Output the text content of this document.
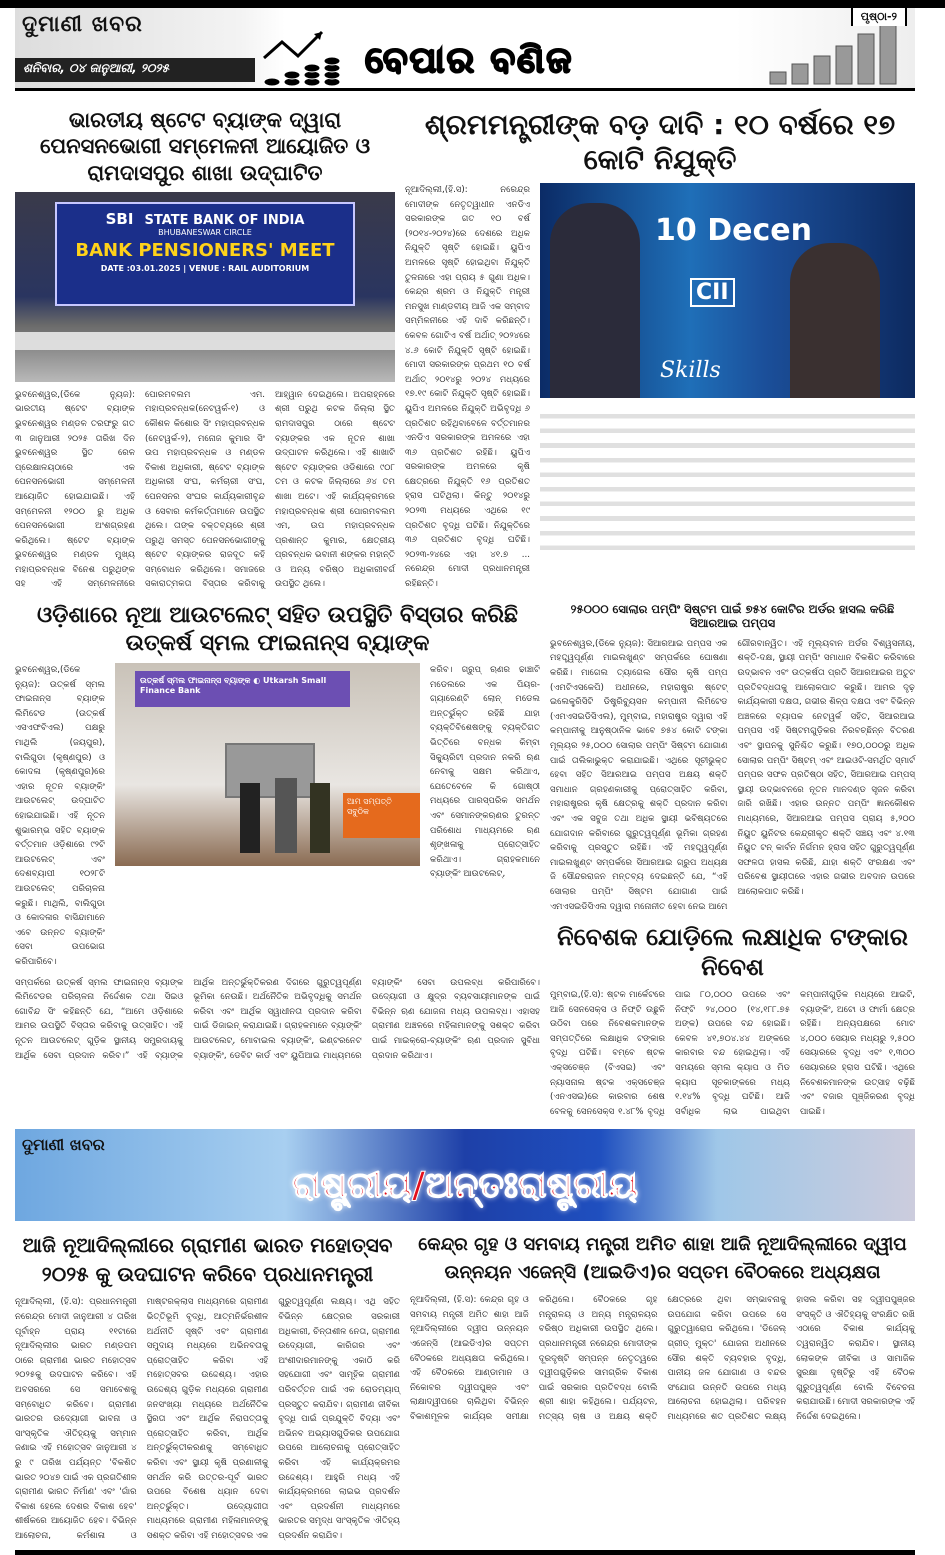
ଦୁମାଣୀ ଖବର
ଶନିବାର, ୦୪ ଜାନୁଆରୀ, ୨୦୨୫	ବେପାର ବଣିଜ
ପୃଷ୍ଠା-୨
ଭାରତୀୟ ଷ୍ଟେଟ ବ୍ୟାଙ୍କ ଦ୍ୱାରା ପେନସନଭୋଗୀ ସମ୍ମେଳନୀ ଆୟୋଜିତ ଓ ରାମଦାସପୁର ଶାଖା ଉଦ୍‌ଘାଟିତ
SBI STATE BANK OF INDIA
BHUBANESWAR CIRCLE
BANK PENSIONERS' MEET
DATE :03.01.2025 | VENUE : RAIL AUDITORIUM
ଭୁବନେଶ୍ୱର,(ଡିକେ ନ୍ୟୁଜ): ଭାରତୀୟ ଷ୍ଟେଟ ବ୍ୟାଙ୍କ ଭୁବନେଶ୍ୱର ମଣ୍ଡଳ ତରଫରୁ ଗତ ୩ ଜାନୁଆରୀ ୨୦୨୫ ତାରିଖ ଦିନ ଭୁବନେଶ୍ୱର ସ୍ଥିତ ରେଳ ପ୍ରେକ୍ଷାଳୟଠାରେ ଏକ ପେନସନଭୋଗୀ ସମ୍ମେଳନୀ ଆୟୋଜିତ ହୋଇଯାଇଛି। ଏହି ସମ୍ମେଳନୀ ୧୨୦୦ ରୁ ଅଧିକ ପେନସନଭୋଗୀ ଅଂଶଗ୍ରହଣ କରିଥିଲେ। ଷ୍ଟେଟ ବ୍ୟାଙ୍କ ଭୁବନେଶ୍ୱର ମଣ୍ଡଳ ମୁଖ୍ୟ ମହାପ୍ରବନ୍ଧକ ବିନେଶ ପରୁଥିଙ୍କ ସହ ଏହି ସମ୍ମେଳନୀରେ ପୋରମବଲମ ଏମ. ମହାପ୍ରବନ୍ଧକ(ନେଟୱର୍କ-୧) ଓ କୌଶଳ କିଶୋର ସିଂ ମହାପ୍ରବନ୍ଧକ (ନେଟୱର୍କ-୨), ମନୋଜ କୁମାର ସିଂ ଉପ ମହାପ୍ରବନ୍ଧକ ଓ ମଣ୍ଡଳ ବିକାଶ ଅଧିକାରୀ, ଷ୍ଟେଟ ବ୍ୟାଙ୍କ ଅଧିକାରୀ ସଂଘ, କର୍ମଚାରୀ ସଂଘ, ପେନସନର ସଂଘର କାର୍ଯ୍ୟକାରୀବୃନ୍ଦ ଓ ସେବାର କର୍ମକର୍ତ୍ତାମାନେ ଉପସ୍ଥିତ ଥିଲେ। ତାଙ୍କ ବକ୍ତବ୍ୟରେ ଶ୍ରୀ ପରୁଥି ସମସ୍ତ ପେନସନଭୋଗୀଙ୍କୁ ଷ୍ଟେଟ ବ୍ୟାଙ୍କର ରାଜଦୂତ କହି ସମ୍ବୋଧନ କରିଥିଲେ। ସମାଜରେ ସକାରାତ୍ମକତା ବିସ୍ତାର କରିବାକୁ ଆହ୍ୱାନ ଦେଇଥିଲେ। ଅପରାହ୍ନରେ ଶ୍ରୀ ପରୁଥି କଟକ ଜିଲ୍ଲା ସ୍ଥିତ ରାମଦାସପୁର ଠାରେ ଷ୍ଟେଟ ବ୍ୟାଙ୍କର ଏକ ନୂତନ ଶାଖା ଉଦ୍‌ଘାଟନ କରିଥିଲେ। ଏହି ଶାଖାଟି ଷ୍ଟେଟ ବ୍ୟାଙ୍କର ଓଡିଶାରେ ୯୦୮ ତମ ଓ କଟକ ଜିଲ୍ଲାରେ ୬୪ ତମ ଶାଖା ଅଟେ। ଏହି କାର୍ଯ୍ୟକ୍ରମରେ ମହାପ୍ରବନ୍ଧକ ଶ୍ରୀ ପୋରମବଲମ ଏମ, ଉପ ମହାପ୍ରବନ୍ଧକ ପ୍ରଶାନ୍ତ କୁମାର, କ୍ଷେତ୍ରୀୟ ପ୍ରବନ୍ଧକ ଭବାନୀ ଶଙ୍କର ମହାନ୍ତି ଓ ଅନ୍ୟ ବରିଷ୍ଠ ଅଧିକାରୀବର୍ଗ ଉପସ୍ଥିତ ଥିଲେ।
ଶ୍ରମମନ୍ତ୍ରୀଙ୍କ ବଡ଼ ଦାବି : ୧୦ ବର୍ଷରେ ୧୭ କୋଟି ନିଯୁକ୍ତି
ନୂଆଦିଲ୍ଲୀ,(ହି.ସ): ନରେନ୍ଦ୍ର ମୋଦୀଙ୍କ ନେତୃତ୍ୱାଧୀନ ଏନଡିଏ ସରକାରଙ୍କ ଗତ ୧୦ ବର୍ଷ (୨୦୧୪-୨୦୨୪)ରେ ଦେଶରେ ଅଧିକ ନିଯୁକ୍ତି ସୃଷ୍ଟି ହୋଇଛି। ୟୁପିଏ ଅମଳରେ ସୃଷ୍ଟି ହୋଇଥିବା ନିଯୁକ୍ତି ତୁଳନାରେ ଏହା ପ୍ରାୟ ୫ ଗୁଣା ଅଧିକ। କେନ୍ଦ୍ର ଶ୍ରମ ଓ ନିଯୁକ୍ତି ମନ୍ତ୍ରୀ ମନସୁଖ ମାଣ୍ଡବୀୟ ଆଜି ଏକ ସମ୍ବାଦ ସମ୍ମିଳନୀରେ ଏହି ଦାବି କରିଛନ୍ତି। କେବଳ ଗୋଟିଏ ବର୍ଷ ଅର୍ଥାତ୍ ୨୦୨୪ରେ ୪.୬ କୋଟି ନିଯୁକ୍ତି ସୃଷ୍ଟି ହୋଇଛି। ମୋଦୀ ସରକାରଙ୍କ ପ୍ରଥମ ୧୦ ବର୍ଷ ଅର୍ଥାତ୍ ୨୦୧୪ରୁ ୨୦୨୪ ମଧ୍ୟରେ ୧୭.୧୯ କୋଟି ନିଯୁକ୍ତି ସୃଷ୍ଟି ହୋଇଛି। ୟୁପିଏ ଅମଳରେ ନିଯୁକ୍ତି ଅଭିବୃଦ୍ଧି ୬ ପ୍ରତିଶତ ରହିଥିବାବେଳେ ବର୍ତ୍ତମାନର ଏନଡିଏ ସରକାରଙ୍କ ଅମଳରେ ଏହା ୩୬ ପ୍ରତିଶତ ରହିଛି। ୟୁପିଏ ସରକାରଙ୍କ ଅମଳରେ କୃଷି କ୍ଷେତ୍ରରେ ନିଯୁକ୍ତି ୧୬ ପ୍ରତିଶତ ହ୍ରାସ ଘଟିଥିଲା। କିନ୍ତୁ ୨୦୧୪ରୁ ୨୦୨୩ ମଧ୍ୟରେ ଏଥିରେ ୧୯ ପ୍ରତିଶତ ବୃଦ୍ଧି ଘଟିଛି। ନିଯୁକ୍ତିରେ ୩୬ ପ୍ରତିଶତ ବୃଦ୍ଧି ଘଟିଛି। ୨୦୨୩-୨୪ରେ ଏହା ୪୧.୭ ... ନରେନ୍ଦ୍ର ମୋଦୀ ପ୍ରଧାନମନ୍ତ୍ରୀ ରହିଛନ୍ତି।
10 Decen
CII
Skills
ଓଡ଼ିଶାରେ ନୂଆ ଆଉଟଲେଟ୍ ସହିତ ଉପସ୍ଥିତି ବିସ୍ତାର କରିଛି ଉତ୍କର୍ଷ ସ୍ମଲ ଫାଇନାନ୍ସ ବ୍ୟାଙ୍କ
ଭୁବନେଶ୍ୱର,(ଡିକେ ନ୍ୟୁଜ): ଉତ୍କର୍ଷ ସ୍ମଲ ଫାଇନାନ୍ସ ବ୍ୟାଙ୍କ ଲିମିଟେଡ (ଉତ୍କର୍ଷ ଏସଏଫବିଏଲ) ପକ୍ଷରୁ ମାଥିଲି (ଜୟପୁର), ବାଲିଗୁଡା (କୃଷ୍ଣପୁର) ଓ କୋଦଳା (କୃଷ୍ଣପୁର)ରେ ଏହାର ନୂତନ ବ୍ୟାଙ୍କିଂ ଆଉଟଲେଟ୍ ଉଦ୍‌ଘାଟିତ ହୋଇଯାଇଛି। ଏହି ନୂତନ ଶୁଭାରମ୍ଭ ସହିତ ବ୍ୟାଙ୍କ ବର୍ତ୍ତମାନ ଓଡ଼ିଶାରେ ୯୨ଟି ଆଉଟଲେଟ୍ ଏବଂ ଦେଶବ୍ୟାପୀ ୧୦୨୮ଟି ଆଉଟଲେଟ୍ ପରିଚାଳନା କରୁଛି। ମାଥିଲି, ବାଲିଗୁଡା ଓ କୋଦଳାର ବାସିନ୍ଦାମାନେ ଏବେ ଉନ୍ନତ ବ୍ୟାଙ୍କିଂ ସେବା ଉପଭୋଗ କରିପାରିବେ।
ଉତ୍କର୍ଷ ସ୍ମଲ ଫାଇନାନ୍ସ ବ୍ୟାଙ୍କ ◐ Utkarsh Small Finance Bank
ଆମ ସମ୍ପତ୍ତି ସବୁଠିକ
କରିବ। ଗ୍ରୁପ୍ ଋଣର ଢାଞ୍ଚାଟି ମଡେଲରେ ଏକ ପିୟର-ଗ୍ୟାରେଣ୍ଟି ଲୋନ୍ ମଡେଲ ଅନ୍ତର୍ଭୁକ୍ତ ରହିଛି ଯାହା ବ୍ୟକ୍ତିବିଶେଷଙ୍କୁ ବ୍ୟକ୍ତିଗତ ଭିତ୍ତିରେ ବନ୍ଧକ କିମ୍ବା ସିକ୍ୟୁରିଟୀ ପ୍ରଦାନ ନକରି ଋଣ ନେବାକୁ ସକ୍ଷମ କରିଥାଏ, ଯେତେବେଳେ କି ଗୋଷ୍ଠୀ ମଧ୍ୟରେ ପାରସ୍ପରିକ ସମର୍ଥନ ଏବଂ ସେମାନଙ୍କଋଣର ତୁରନ୍ତ ପରିଶୋଧ ମାଧ୍ୟମରେ ଋଣ ଶୃଙ୍ଖଳାକୁ ପ୍ରୋତ୍ସାହିତ କରିଥାଏ। ଗ୍ରାହକମାନେ ବ୍ୟାଙ୍କିଂ ଆଉଟଲେଟ୍,
ସମ୍ପର୍କରେ ଉତ୍କର୍ଷ ସ୍ମଲ ଫାଇନାନ୍ସ ବ୍ୟାଙ୍କ ଲିମିଟେଡର ପରିଚାଳନା ନିର୍ଦ୍ଦେଶକ ତଥା ସିଇଓ ଗୋବିନ୍ଦ ସିଂ କହିଛନ୍ତି ଯେ, “ଆମେ ଓଡ଼ିଶାରେ ଆମର ଉପସ୍ଥିତି ବିସ୍ତାର କରିବାକୁ ଉତ୍ସାହିତ। ଏହି ନୂତନ ଆଉଟଲେଟ୍ ଗୁଡ଼ିକ ସ୍ଥାନୀୟ ସମ୍ପ୍ରଦାୟକୁ ଆର୍ଥିକ ସେବା ପ୍ରଦାନ କରିବ।” ଏହି ବ୍ୟାଙ୍କ ଆର୍ଥିକ ଅନ୍ତର୍ଭୁକ୍ତିକରଣ ଦିଗରେ ଗୁରୁତ୍ୱପୂର୍ଣ୍ଣ ଭୂମିକା ନେଉଛି। ଅର୍ଥନୈତିକ ଅଭିବୃଦ୍ଧିକୁ ସମର୍ଥନ କରିବା ଏବଂ ଆର୍ଥିକ ସ୍ୱାଧୀନତା ପ୍ରଦାନ କରିବା ପାଇଁ ଡିଜାଇନ୍ କରାଯାଇଛି। ଗ୍ରାହକମାନେ ବ୍ୟାଙ୍କିଂ ଆଉଟଲେଟ୍, ମୋବାଇଲ ବ୍ୟାଙ୍କିଂ, ଇଣ୍ଟରନେଟ ବ୍ୟାଙ୍କିଂ, ଡେବିଟ କାର୍ଡ ଏବଂ ୟୁପିଆଇ ମାଧ୍ୟମରେ ବ୍ୟାଙ୍କିଂ ସେବା ଉପଲବ୍ଧ କରିପାରିବେ। ଉଦ୍ୟୋଗୀ ଓ କ୍ଷୁଦ୍ର ବ୍ୟବସାୟୀମାନଙ୍କ ପାଇଁ ବିଭିନ୍ନ ଋଣ ଯୋଜନା ମଧ୍ୟ ଉପଲବ୍ଧ। ଏହାସହ ଗ୍ରାମୀଣ ଅଞ୍ଚଳରେ ମହିଳାମାନଙ୍କୁ ସଶକ୍ତ କରିବା ପାଇଁ ମାଇକ୍ରୋ-ବ୍ୟାଙ୍କିଂ ଋଣ ପ୍ରଦାନ ସୁବିଧା ପ୍ରଦାନ କରିଥାଏ।
୨୫୦୦୦ ସୋଲାର ପମ୍ପିଂ ସିଷ୍ଟମ ପାଇଁ ୭୫୪ କୋଟିର ଅର୍ଡର ହାସଲ କରିଛି ସିଆରଆଇ ପମ୍ପସ
ଭୁବନେଶ୍ୱର,(ଡିକେ ନ୍ୟୁଜ): ସିଆରଆଇ ପମ୍ପସ ଏକ ମହତ୍ତ୍ୱପୂର୍ଣ୍ଣ ମାଇଲଖୁଣ୍ଟ ସମ୍ପର୍କରେ ଘୋଷଣା କରିଛି। ମାଗେଲ ତ୍ୟାଗେଲ ସୌର କୃଷି ପମ୍ପ (ଏମଟିଏସକେପି) ଅଧୀନରେ, ମହାରାଷ୍ଟ୍ର ଷ୍ଟେଟ୍ ଇଲେକ୍ଟ୍ରିସିଟି ଡିଷ୍ଟ୍ରିବ୍ୟୁସନ କମ୍ପାନୀ ଲିମିଟେଡ (ଏମଏସଇଡିସିଏଲ), ମୁମ୍ବାଇ, ମହାରାଷ୍ଟ୍ର ଦ୍ୱାରା ଏହି କମ୍ପାନୀକୁ ଆନୁଷ୍ଠାନିକ ଭାବେ ୭୫୪ କୋଟି ଟଙ୍କା ମୂଲ୍ୟର ୨୫,୦୦୦ ସୋଲାର ପମ୍ପିଂ ସିଷ୍ଟମ ଯୋଗାଣ ପାଇଁ ତାଲିକାଭୁକ୍ତ କରାଯାଇଛି। ଏଥିରେ ସୂଚୀଭୁକ୍ତ ହେବା ସହିତ ସିଆରଆଇ ପମ୍ପସ ଅକ୍ଷୟ ଶକ୍ତି ସମାଧାନ ଗ୍ରହଣକାରୀକୁ ପ୍ରୋତ୍ସାହିତ କରିବା, ମହାରାଷ୍ଟ୍ରର କୃଷି କ୍ଷେତ୍ରକୁ ଶକ୍ତି ପ୍ରଦାନ କରିବା ଏବଂ ଏକ ସବୁଜ ତଥା ଅଧିକ ସ୍ଥାୟୀ ଭବିଷ୍ୟତରେ ଯୋଗଦାନ କରିବାରେ ଗୁରୁତ୍ୱପୂର୍ଣ୍ଣ ଭୂମିକା ଗ୍ରହଣ କରିବାକୁ ପ୍ରସ୍ତୁତ ରହିଛି। ଏହି ମହତ୍ତ୍ୱପୂର୍ଣ୍ଣ ମାଇଲଖୁଣ୍ଟ ସମ୍ପର୍କରେ ସିଆରଆଇ ଗ୍ରୁପ ଅଧ୍ୟକ୍ଷ ଜି ସୌନ୍ଦରରାଜନ ମନ୍ତବ୍ୟ ଦେଇଛନ୍ତି ଯେ, “ଏହି ସୋଲାର ପମ୍ପିଂ ସିଷ୍ଟମ ଯୋଗାଣ ପାଇଁ ଏମଏସଇଡିସିଏଲ ଦ୍ୱାରା ମନୋନୀତ ହେବା ନେଇ ଆମେ ଗୌରବାନ୍ୱିତ। ଏହି ମୂଲ୍ୟବାନ ଅର୍ଡର ବିଶ୍ୱସନୀୟ, ଶକ୍ତି-ଦକ୍ଷ, ସ୍ଥାୟୀ ପମ୍ପିଂ ସମାଧାନ ବିକଶିତ କରିବାରେ ଉଦ୍ଭାବନ ଏବଂ ଉତ୍କର୍ଷତା ପ୍ରତି ସିଆରଆଇର ଅତୁଟ ପ୍ରତିବଦ୍ଧତାକୁ ଆଲୋକପାତ କରୁଛି। ଆମର ଦୃଢ଼ କାର୍ଯ୍ୟକାରୀ ଦକ୍ଷତା, ଗଭୀର ଶିଳ୍ପ ଦକ୍ଷତା ଏବଂ ବିଭିନ୍ନ ଅଞ୍ଚଳରେ ବ୍ୟାପକ ନେଟୱର୍କ ସହିତ, ସିଆରଆଇ ପମ୍ପସ ଏହି ସିଷ୍ଟମଗୁଡ଼ିକର ନିରବଚ୍ଛିନ୍ନ ବିତରଣ ଏବଂ ସ୍ଥାପନକୁ ସୁନିଶ୍ଚିତ କରୁଛି। ୧୭୦,୦୦୦ରୁ ଅଧିକ ସୋଲାର ପମ୍ପିଂ ସିଷ୍ଟମ୍ ଏବଂ ଆଇଓଟି-ସମର୍ଥିତ ସ୍ମାର୍ଟ ପମ୍ପର ସଫଳ ପ୍ରତିଷ୍ଠା ସହିତ, ସିଆରଆଇ ପମ୍ପସ୍ ସ୍ଥାୟୀ ଉଦ୍ଭାବନରେ ନୂତନ ମାନଦଣ୍ଡ ସୃଜନ କରିବା ଜାରି ରଖିଛି। ଏହାର ଉନ୍ନତ ପମ୍ପିଂ ଜ୍ଞାନକୌଶଳ ମାଧ୍ୟମରେ, ସିଆରଆଇ ପମ୍ପସ ପ୍ରାୟ ୫,୨୦୦ ନିୟୁତ ୟୁନିଟର କେନ୍ଦ୍ରୀକୃତ ଶକ୍ତି ସଞ୍ଚୟ ଏବଂ ୪.୧୩ ନିୟୁତ ଟନ୍ କାର୍ବନ ନିର୍ଗମନ ହ୍ରାସ ସହିତ ଗୁରୁତ୍ୱପୂର୍ଣ୍ଣ ସଫଳତା ହାସଲ କରିଛି, ଯାହା ଶକ୍ତି ସଂରକ୍ଷଣ ଏବଂ ପରିବେଶ ସ୍ଥାୟୀତାରେ ଏହାର ଗଭୀର ଅବଦାନ ଉପରେ ଆଲୋକପାତ କରିଛି।
ନିବେଶକ ଯୋଡ଼ିଲେ ଲକ୍ଷାଧିକ ଟଙ୍କାର ନିବେଶ
ମୁମ୍ବାଇ,(ହି.ସ): ଷ୍ଟକ ମାର୍କେଟରେ ଆଜି ସେନସେକ୍ସ ଓ ନିଫ୍ଟି ଉଛୁଳି ଉଠିବା ପରେ ନିବେଶକମାନଙ୍କ ସମ୍ପତ୍ତିରେ ଲକ୍ଷାଧିକ ଟଙ୍କାର ବୃଦ୍ଧି ଘଟିଛି। ବମ୍ବେ ଷ୍ଟକ ଏକ୍ସଚେଞ୍ଜ (ବିଏସଇ) ଏବଂ ନ୍ୟାସନାଲ ଷ୍ଟକ ଏକ୍ସଚେଞ୍ଜ (ଏନଏସଇ)ରେ କାରବାର ଶେଷ ବେଳକୁ ସେନସେକ୍ସ ୧.୪୮% ବୃଦ୍ଧି ପାଇ ୮୦,୦୦୦ ଉପରେ ଏବଂ ନିଫ୍ଟି ୨୪,୦୦୦ (୧୪,୧୮୮.୭୫ ଅଙ୍କ) ଉପରେ ବନ୍ଦ ହୋଇଛି। କେବଳ ୪୧,୭୦୪.୪୪ ଅଙ୍କରେ କାରବାର ବନ୍ଦ ହୋଇଥିଲା। ଏହି ସମୟରେ ସ୍ମଲ କ୍ୟାପ ଓ ମିଡ କ୍ୟାପ ସୂଚକାଙ୍କରେ ମଧ୍ୟ ୧.୧୪% ବୃଦ୍ଧି ଘଟିଛି। ଆଜି ସର୍ବାଧିକ ଲାଭ ପାଇଥିବା କମ୍ପାନୀଗୁଡ଼ିକ ମଧ୍ୟରେ ଆଇଟି, ବ୍ୟାଙ୍କିଂ, ଅଟୋ ଓ ଫାର୍ମା କ୍ଷେତ୍ର ରହିଛି। ଅନ୍ୟପକ୍ଷରେ ମୋଟ ୪,୦୦୦ ସେୟାର ମଧ୍ୟରୁ ୨,୫୦୦ ସେୟାରରେ ବୃଦ୍ଧି ଏବଂ ୧,୩୦୦ ସେୟାରରେ ହ୍ରାସ ଘଟିଛି। ଏଥିରେ ନିବେଶକମାନଙ୍କ ଉତ୍ସାହ ବଢ଼ିଛି ଏବଂ ବଜାର ପୂଞ୍ଜିକରଣ ବୃଦ୍ଧି ପାଇଛି।
ଦୁମାଣୀ ଖବର
ରାଷ୍ଟ୍ରୀୟ/ଅନ୍ତଃରାଷ୍ଟ୍ରୀୟ
ଆଜି ନୂଆଦିଲ୍ଲୀରେ ଗ୍ରାମୀଣ ଭାରତ ମହୋତ୍ସବ ୨୦୨୫ କୁ ଉଦଘାଟନ କରିବେ ପ୍ରଧାନମନ୍ତ୍ରୀ
ନୂଆଦିଲ୍ଲୀ, (ହି.ସ): ପ୍ରଧାନମନ୍ତ୍ରୀ ନରେନ୍ଦ୍ର ମୋଦୀ ଜାନୁଆରୀ ୪ ତାରିଖ ପୂର୍ବାହ୍ନ ପ୍ରାୟ ୧୧ଟାରେ ନୂଆଦିଲ୍ଲୀର ଭାରତ ମଣ୍ଡପମ ଠାରେ ଗ୍ରାମୀଣ ଭାରତ ମହୋତ୍ସବ ୨୦୨୫କୁ ଉଦଘାଟନ କରିବେ। ଏହି ଅବସରରେ ସେ ସମାବେଶକୁ ସମ୍ବୋଧିତ କରିବେ। ଗ୍ରାମୀଣ ଭାରତର ଉଦ୍ୟୋଗୀ ଭାବନା ଓ ସାଂସ୍କୃତିକ ଐତିହ୍ୟକୁ ସମ୍ମାନ ଜଣାଇ ଏହି ମହୋତ୍ସବ ଜାନୁଆରୀ ୪ ରୁ ୯ ତାରିଖ ପର୍ଯ୍ୟନ୍ତ 'ବିକଶିତ ଭାରତ ୨୦୪୭ ପାଇଁ ଏକ ପ୍ରଗତିଶୀଳ ଗ୍ରାମୀଣ ଭାରତ ନିର୍ମାଣ' ଏବଂ 'ଗାଁର ବିକାଶ ହେଲେ ଦେଶର ବିକାଶ ହେବ' ଶୀର୍ଷକରେ ଆୟୋଜିତ ହେବ। ବିଭିନ୍ନ ଆଲୋଚନା, କର୍ମଶାଳା ଓ ମାଷ୍ଟରକ୍ଲାସ ମାଧ୍ୟମରେ ଗ୍ରାମୀଣ ଭିତ୍ତିଭୂମି ବୃଦ୍ଧି, ଆତ୍ମନିର୍ଭରଶୀଳ ଅର୍ଥନୀତି ସୃଷ୍ଟି ଏବଂ ଗ୍ରାମୀଣ ସମୁଦାୟ ମଧ୍ୟରେ ଅଭିନବତାକୁ ପ୍ରୋତ୍ସାହିତ କରିବା ଏହି ମହୋତ୍ସବର ଉଦ୍ଦେଶ୍ୟ। ଏହାର ଉଦ୍ଦେଶ୍ୟ ଗୁଡ଼ିକ ମଧ୍ୟରେ ଗ୍ରାମୀଣ ଜନସଂଖ୍ୟା ମଧ୍ୟରେ ଅର୍ଥନୈତିକ ସ୍ଥିରତା ଏବଂ ଆର୍ଥିକ ନିରାପତ୍ତାକୁ ପ୍ରୋତ୍ସାହିତ କରିବା, ଆର୍ଥିକ ଅନ୍ତର୍ଭୁକ୍ତୀକରଣକୁ ସମ୍ବୋଧିତ କରିବା ଏବଂ ସ୍ଥାୟୀ କୃଷି ପ୍ରଣାଳୀକୁ ସମର୍ଥନ କରି ଉତ୍ତର-ପୂର୍ବ ଭାରତ ଉପରେ ବିଶେଷ ଧ୍ୟାନ ଦେବା ଅନ୍ତର୍ଭୁକ୍ତ। ଉଦ୍ୟୋଗୀତା ମାଧ୍ୟମରେ ଗ୍ରାମୀଣ ମହିଳାମାନଙ୍କୁ ସଶକ୍ତ କରିବା ଏହି ମହୋତ୍ସବର ଏକ ଗୁରୁତ୍ୱପୂର୍ଣ୍ଣ ଲକ୍ଷ୍ୟ। ଏଥି ସହିତ ବିଭିନ୍ନ କ୍ଷେତ୍ରର ସରକାରୀ ଅଧିକାରୀ, ଚିନ୍ତାଶୀଳ ନେତା, ଗ୍ରାମୀଣ ଉଦ୍ୟୋଗୀ, କାରିଗର ଏବଂ ଅଂଶୀଦାରମାନଙ୍କୁ ଏକାଠି କରି ସହଯୋଗୀ ଏବଂ ସାମୂହିକ ଗ୍ରାମୀଣ ପରିବର୍ତ୍ତନ ପାଇଁ ଏକ ରୋଡମ୍ୟାପ୍ ପ୍ରସ୍ତୁତ କରାଯିବ। ଗ୍ରାମୀଣ ଜୀବିକା ବୃଦ୍ଧି ପାଇଁ ପ୍ରଯୁକ୍ତି ବିଦ୍ୟା ଏବଂ ଅଭିନବ ଅଭ୍ୟାସଗୁଡିକର ଉପଯୋଗ ଉପରେ ଆଲୋଚନାକୁ ପ୍ରୋତ୍ସାହିତ କରିବା ଏହି କାର୍ଯ୍ୟକ୍ରମର ଉଦ୍ଦେଶ୍ୟ। ଆହୁରି ମଧ୍ୟ ଏହି କାର୍ଯ୍ୟକ୍ରମରେ ଲାଇଭ ପ୍ରଦର୍ଶନ ଏବଂ ପ୍ରଦର୍ଶନୀ ମାଧ୍ୟମରେ ଭାରତର ସମୃଦ୍ଧ ସାଂସ୍କୃତିକ ଐତିହ୍ୟ ପ୍ରଦର୍ଶନ କରାଯିବ।
କେନ୍ଦ୍ର ଗୃହ ଓ ସମବାୟ ମନ୍ତ୍ରୀ ଅମିତ ଶାହା ଆଜି ନୂଆଦିଲ୍ଲୀରେ ଦ୍ୱୀପ ଉନ୍ନୟନ ଏଜେନ୍ସି (ଆଇଡିଏ)ର ସପ୍ତମ ବୈଠକରେ ଅଧ୍ୟକ୍ଷତା
ନୂଆଦିଲ୍ଲୀ, (ହି.ସ): କେନ୍ଦ୍ର ଗୃହ ଓ ସମବାୟ ମନ୍ତ୍ରୀ ଅମିତ ଶାହା ଆଜି ନୂଆଦିଲ୍ଲୀରେ ଦ୍ୱୀପ ଉନ୍ନୟନ ଏଜେନ୍ସି (ଆଇଡିଏ)ର ସପ୍ତମ ବୈଠକରେ ଅଧ୍ୟକ୍ଷତା କରିଥିଲେ। ଏହି ବୈଠକରେ ଆଣ୍ଡାମାନ ଓ ନିକୋବର ଦ୍ୱୀପପୁଞ୍ଜ ଏବଂ ଲାକ୍ଷାଦ୍ୱୀପରେ ଚାଲିଥିବା ବିଭିନ୍ନ ବିକାଶମୂଳକ କାର୍ଯ୍ୟର ସମୀକ୍ଷା କରିଥିଲେ। ବୈଠକରେ ଗୃହ ମନ୍ତ୍ରାଳୟ ଓ ଅନ୍ୟ ମନ୍ତ୍ରାଳୟର ବରିଷ୍ଠ ଅଧିକାରୀ ଉପସ୍ଥିତ ଥିଲେ। ପ୍ରଧାନମନ୍ତ୍ରୀ ନରେନ୍ଦ୍ର ମୋଦୀଙ୍କ ଦୂରଦୃଷ୍ଟି ସମ୍ପନ୍ନ ନେତୃତ୍ୱରେ ଦ୍ୱୀପଗୁଡ଼ିକର ସାମଗ୍ରିକ ବିକାଶ ପାଇଁ ସରକାର ପ୍ରତିବଦ୍ଧ ବୋଲି ଶ୍ରୀ ଶାହା କହିଥିଲେ। ପର୍ଯ୍ୟଟନ, ମତ୍ସ୍ୟ ଚାଷ ଓ ଅକ୍ଷୟ ଶକ୍ତି କ୍ଷେତ୍ରରେ ଥିବା ସମ୍ଭାବନାକୁ ଉପଯୋଗ କରିବା ଉପରେ ସେ ଗୁରୁତ୍ୱାରୋପ କରିଥିଲେ। 'ଡିଜେଲ୍ ଗ୍ରୀଡ୍ ମୁକ୍ତ' ଯୋଜନା ଅଧୀନରେ ସୌର ଶକ୍ତି ବ୍ୟବହାର ବୃଦ୍ଧି, ପାନୀୟ ଜଳ ଯୋଗାଣ ଓ ବନ୍ଦର ସଂଯୋଗ ଉନ୍ନତି ଉପରେ ମଧ୍ୟ ଆଲୋଚନା ହୋଇଥିଲା। ପରିବହନ ମାଧ୍ୟମରେ ଶତ ପ୍ରତିଶତ ଲକ୍ଷ୍ୟ ହାସଲ କରିବା ସହ ଦ୍ୱୀପପୁଞ୍ଜର ସଂସ୍କୃତି ଓ ଐତିହ୍ୟକୁ ସଂରକ୍ଷିତ ରଖି ଏଠାରେ ବିକାଶ କାର୍ଯ୍ୟକୁ ତ୍ୱରାନ୍ୱିତ କରାଯିବ। ସ୍ଥାନୀୟ ଲୋକଙ୍କ ଜୀବିକା ଓ ସାମାଜିକ ସୁରକ୍ଷା ଦୃଷ୍ଟିରୁ ଏହି ବୈଠକ ଗୁରୁତ୍ୱପୂର୍ଣ୍ଣ ବୋଲି ବିବେଚନା କରାଯାଉଛି। ମୋଦୀ ସରକାରଙ୍କ ଏହି ନିର୍ଦ୍ଦେଶ ଦେଇଥିଲେ।
